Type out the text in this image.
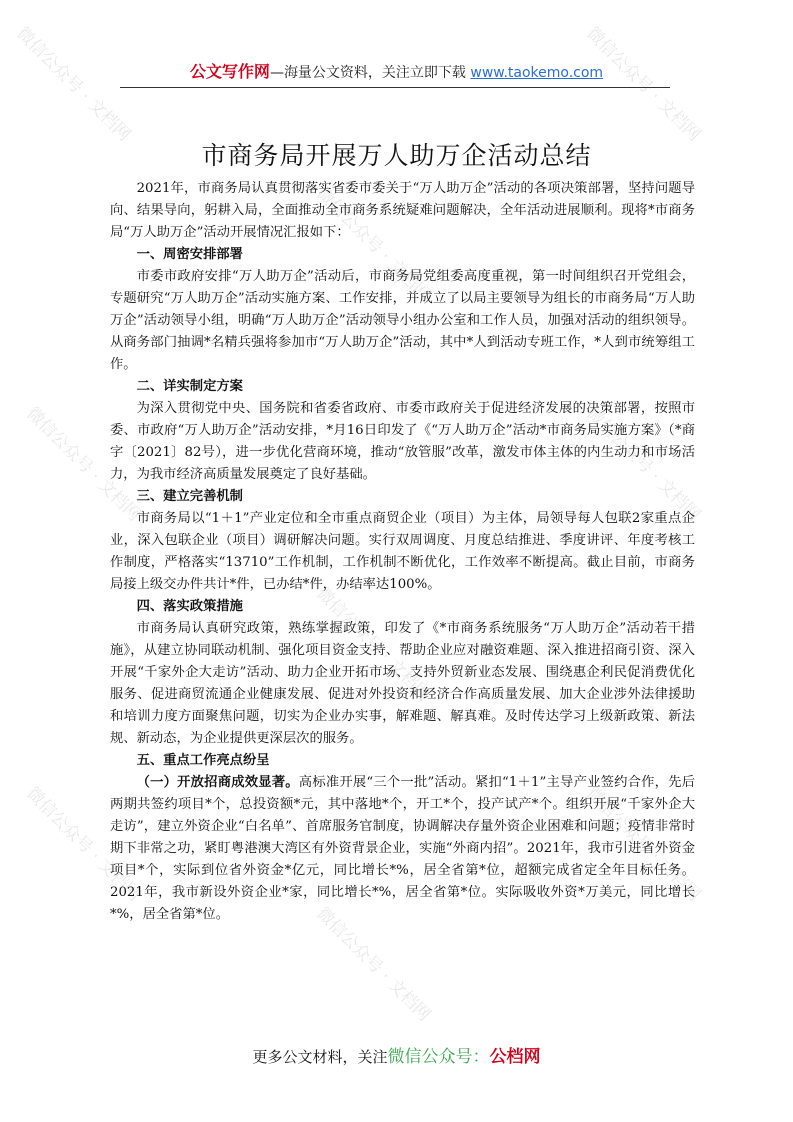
微信公众号 · 文档网	微信公众号 · 文档网
微信公众号 · 文档网
微信公众号 · 文档网	微信公众号 · 文档网
微信公众号 · 文档网
微信公众号 · 文档网	微信公众号 · 文档网
微信公众号 · 文档网
公文写作网—海量公文资料，关注立即下载 www.taokemo.com
市商务局开展万人助万企活动总结

2021年，市商务局认真贯彻落实省委市委关于“万人助万企”活动的各项决策部署，坚持问题导向、结果导向，躬耕入局，全面推动全市商务系统疑难问题解决，全年活动进展顺利。现将*市商务局“万人助万企”活动开展情况汇报如下：

一、周密安排部署

市委市政府安排“万人助万企”活动后，市商务局党组委高度重视，第一时间组织召开党组会，专题研究“万人助万企”活动实施方案、工作安排，并成立了以局主要领导为组长的市商务局“万人助万企”活动领导小组，明确“万人助万企”活动领导小组办公室和工作人员，加强对活动的组织领导。从商务部门抽调*名精兵强将参加市“万人助万企”活动，其中*人到活动专班工作，*人到市统筹组工作。

二、详实制定方案

为深入贯彻党中央、国务院和省委省政府、市委市政府关于促进经济发展的决策部署，按照市委、市政府“万人助万企”活动安排，*月16日印发了《“万人助万企”活动*市商务局实施方案》（*商字〔2021〕82号），进一步优化营商环境，推动“放管服”改革，激发市体主体的内生动力和市场活力，为我市经济高质量发展奠定了良好基础。

三、建立完善机制

市商务局以“1＋1”产业定位和全市重点商贸企业（项目）为主体，局领导每人包联2家重点企业，深入包联企业（项目）调研解决问题。实行双周调度、月度总结推进、季度讲评、年度考核工作制度，严格落实“13710”工作机制，工作机制不断优化，工作效率不断提高。截止目前，市商务局接上级交办件共计*件，已办结*件，办结率达100%。

四、落实政策措施

市商务局认真研究政策，熟练掌握政策，印发了《*市商务系统服务“万人助万企”活动若干措施》，从建立协同联动机制、强化项目资金支持、帮助企业应对融资难题、深入推进招商引资、深入开展“千家外企大走访”活动、助力企业开拓市场、支持外贸新业态发展、围绕惠企利民促消费优化服务、促进商贸流通企业健康发展、促进对外投资和经济合作高质量发展、加大企业涉外法律援助和培训力度方面聚焦问题，切实为企业办实事，解难题、解真难。及时传达学习上级新政策、新法规、新动态，为企业提供更深层次的服务。

五、重点工作亮点纷呈

（一）开放招商成效显著。高标准开展“三个一批”活动。紧扣“1＋1”主导产业签约合作，先后两期共签约项目*个，总投资额*元，其中落地*个，开工*个，投产试产*个。组织开展“千家外企大走访”，建立外资企业“白名单”、首席服务官制度，协调解决存量外资企业困难和问题；疫情非常时期下非常之功，紧盯粤港澳大湾区有外资背景企业，实施“外商内招”。2021年，我市引进省外资金项目*个，实际到位省外资金*亿元，同比增长*%，居全省第*位，超额完成省定全年目标任务。2021年，我市新设外资企业*家，同比增长*%，居全省第*位。实际吸收外资*万美元，同比增长*%，居全省第*位。

更多公文材料，关注微信公众号：公档网
